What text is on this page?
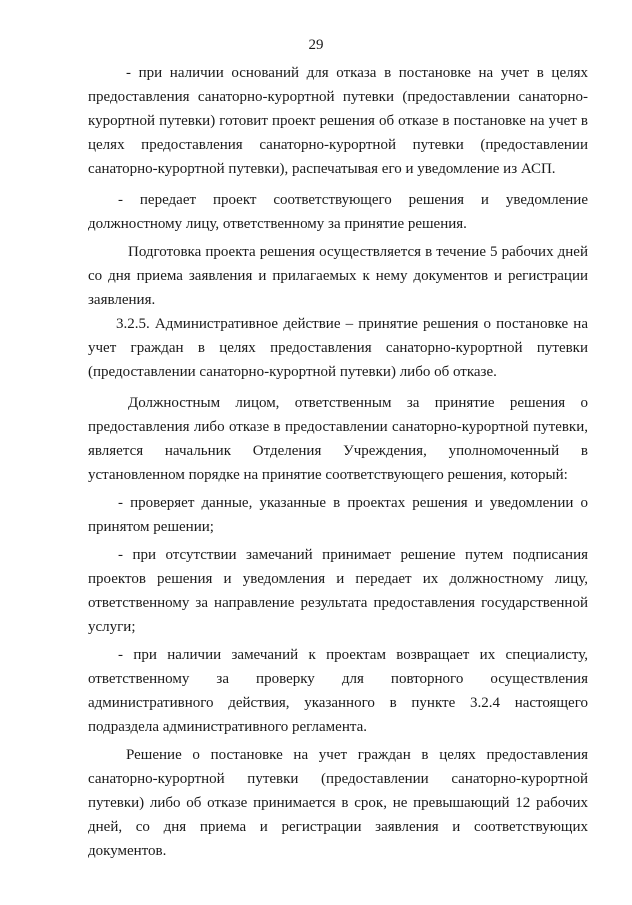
29

- при наличии оснований для отказа в постановке на учет в целях предоставления санаторно-курортной путевки (предоставлении санаторно-курортной путевки) готовит проект решения об отказе в постановке на учет в целях предоставления санаторно-курортной путевки (предоставлении санаторно-курортной путевки), распечатывая его и уведомление из АСП.

- передает проект соответствующего решения и уведомление должностному лицу, ответственному за принятие решения.

Подготовка проекта решения осуществляется в течение 5 рабочих дней со дня приема заявления и прилагаемых к нему документов и регистрации заявления.

3.2.5. Административное действие – принятие решения о постановке на учет граждан в целях предоставления санаторно-курортной путевки (предоставлении санаторно-курортной путевки) либо об отказе.

Должностным лицом, ответственным за принятие решения о предоставления либо отказе в предоставлении санаторно-курортной путевки, является начальник Отделения Учреждения, уполномоченный в установленном порядке на принятие соответствующего решения, который:

- проверяет данные, указанные в проектах решения и уведомлении о принятом решении;

- при отсутствии замечаний принимает решение путем подписания проектов решения и уведомления и передает их должностному лицу, ответственному за направление результата предоставления государственной услуги;

- при наличии замечаний к проектам возвращает их специалисту, ответственному за проверку для повторного осуществления административного действия, указанного в пункте 3.2.4 настоящего подраздела административного регламента.

Решение о постановке на учет граждан в целях предоставления санаторно-курортной путевки (предоставлении санаторно-курортной путевки) либо об отказе принимается в срок, не превышающий 12 рабочих дней, со дня приема и регистрации заявления и соответствующих документов.
